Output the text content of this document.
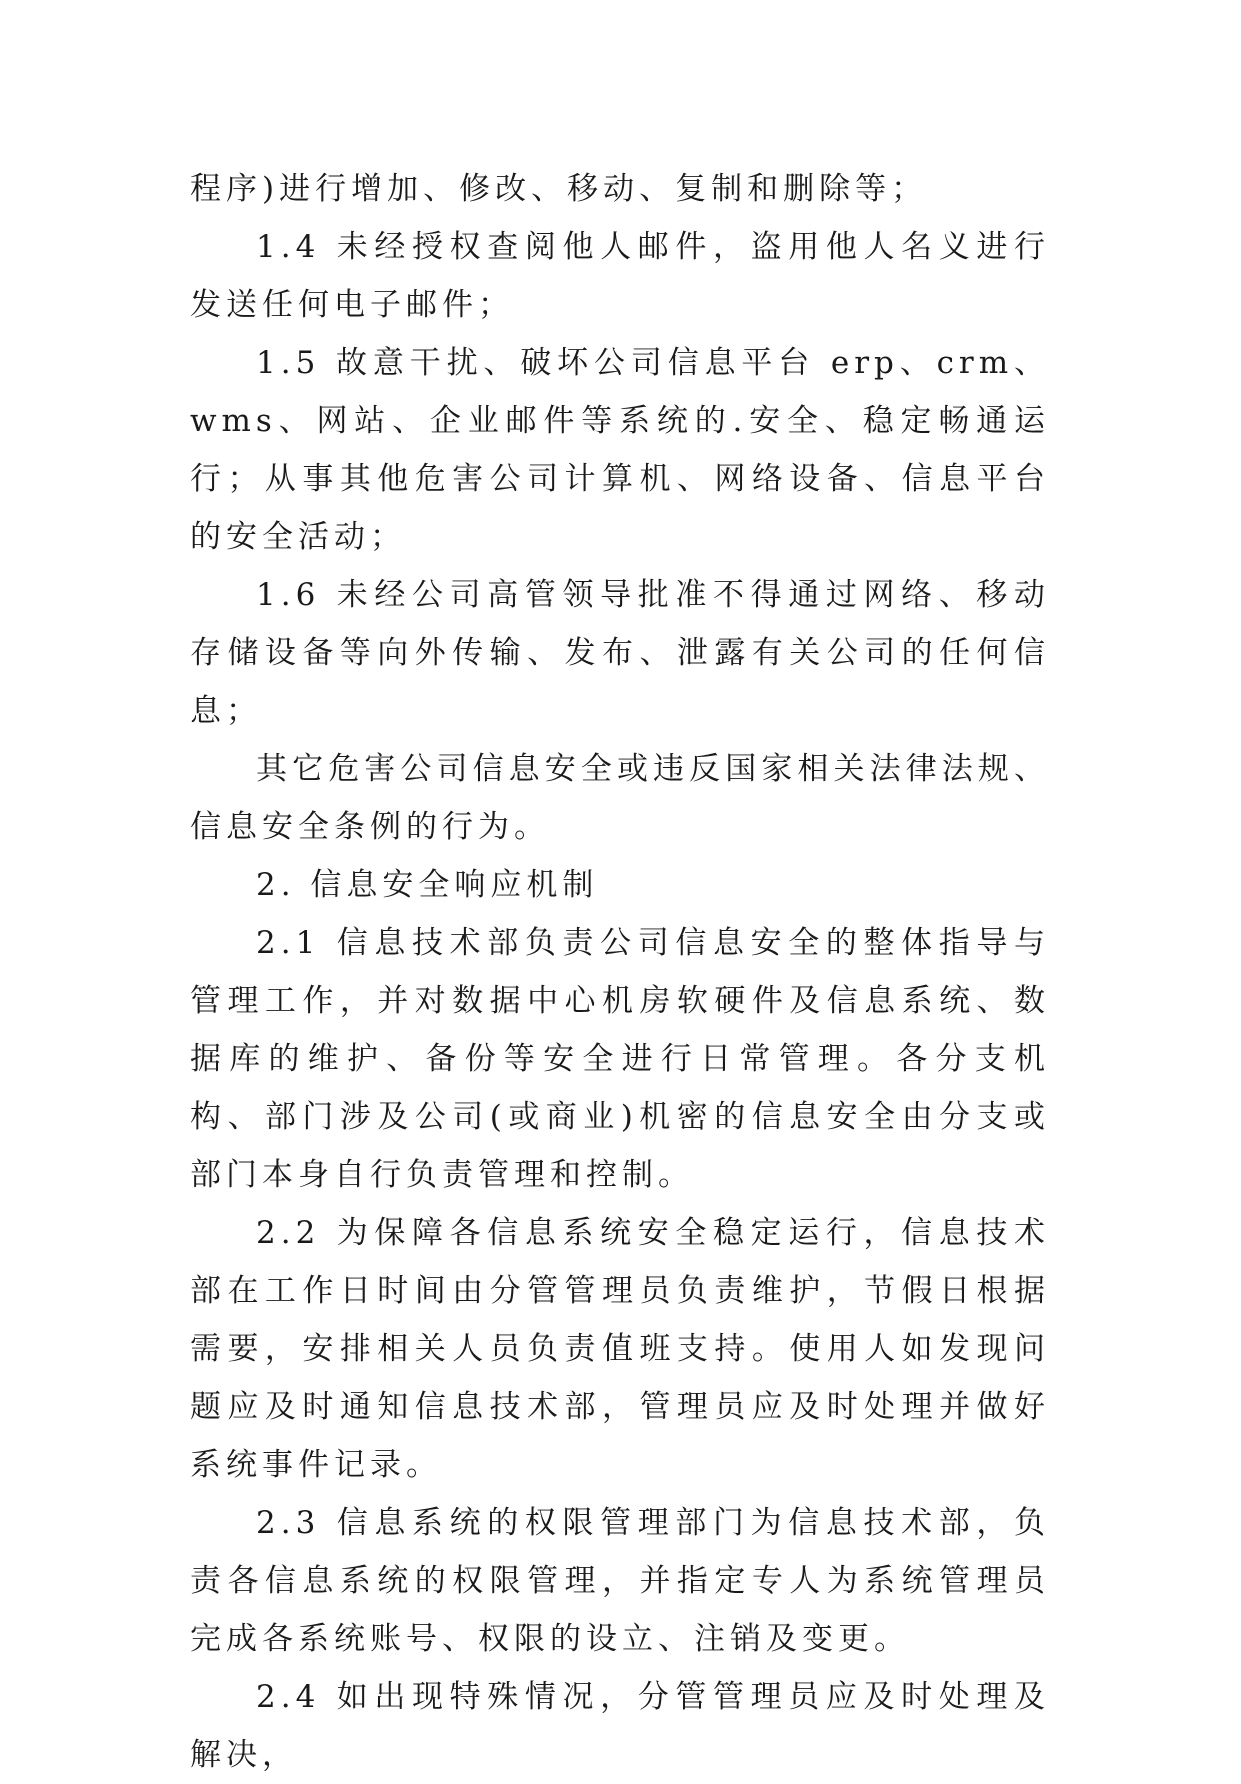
程序)进行增加、修改、移动、复制和删除等；

1.4 未经授权查阅他人邮件，盗用他人名义进行发送任何电子邮件；

1.5 故意干扰、破坏公司信息平台 erp、crm、wms、网站、企业邮件等系统的.安全、稳定畅通运行；从事其他危害公司计算机、网络设备、信息平台的安全活动；

1.6 未经公司高管领导批准不得通过网络、移动存储设备等向外传输、发布、泄露有关公司的任何信息；

其它危害公司信息安全或违反国家相关法律法规、信息安全条例的行为。

2. 信息安全响应机制

2.1 信息技术部负责公司信息安全的整体指导与管理工作，并对数据中心机房软硬件及信息系统、数据库的维护、备份等安全进行日常管理。各分支机构、部门涉及公司(或商业)机密的信息安全由分支或部门本身自行负责管理和控制。

2.2 为保障各信息系统安全稳定运行，信息技术部在工作日时间由分管管理员负责维护，节假日根据需要，安排相关人员负责值班支持。使用人如发现问题应及时通知信息技术部，管理员应及时处理并做好系统事件记录。

2.3 信息系统的权限管理部门为信息技术部，负责各信息系统的权限管理，并指定专人为系统管理员完成各系统账号、权限的设立、注销及变更。

2.4 如出现特殊情况，分管管理员应及时处理及解决，
